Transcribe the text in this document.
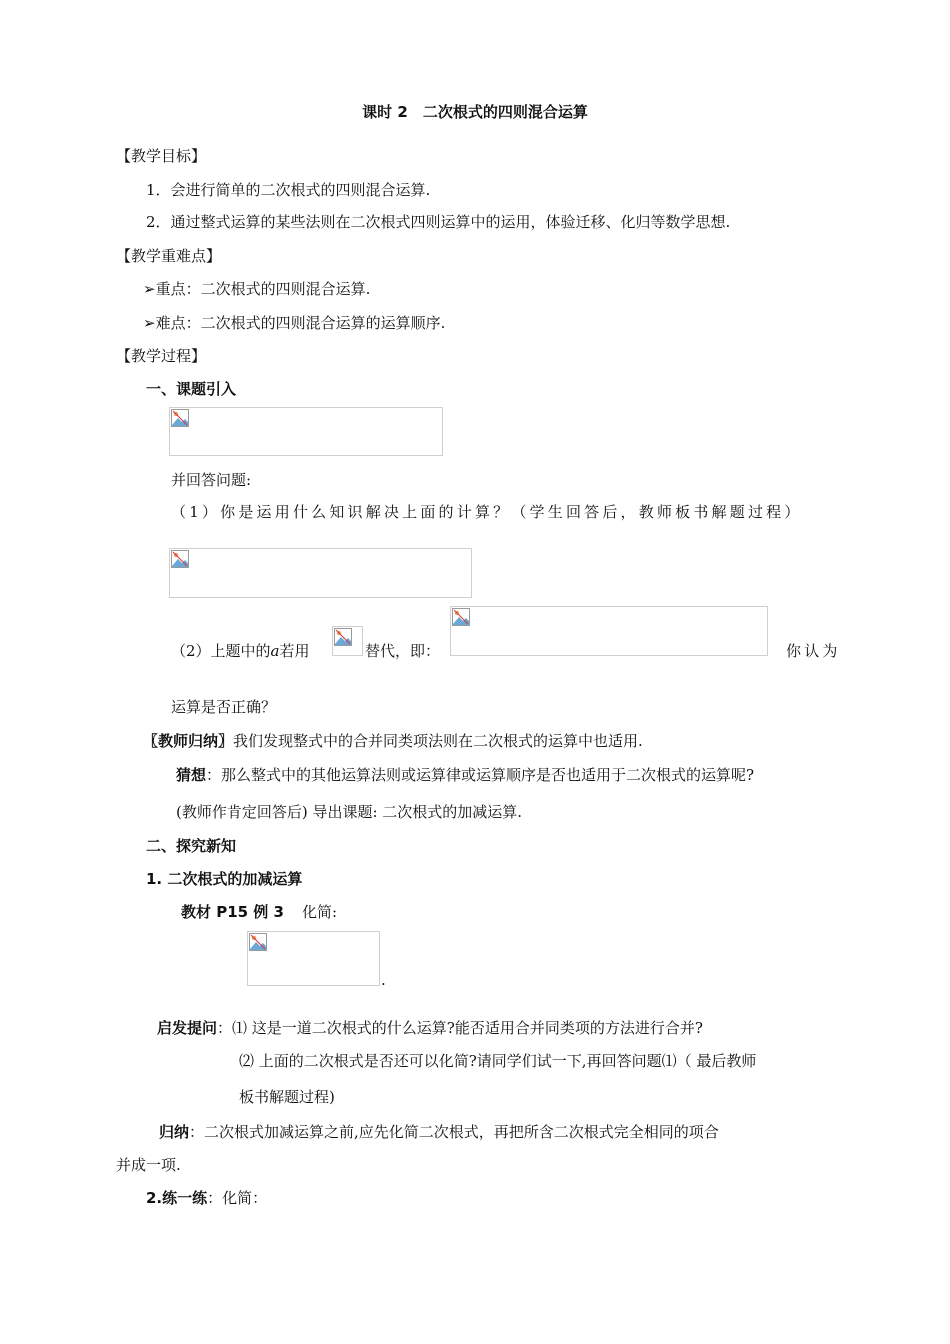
课时 2　二次根式的四则混合运算
【教学目标】
1．会进行简单的二次根式的四则混合运算.
2．通过整式运算的某些法则在二次根式四则运算中的运用，体验迁移、化归等数学思想.
【教学重难点】
➢重点：二次根式的四则混合运算.
➢难点：二次根式的四则混合运算的运算顺序.
【教学过程】
一、课题引入
并回答问题:
（1）你是运用什么知识解决上面的计算？（学生回答后，教师板书解题过程）
（2）上题中的a若用	替代，即：	你认为
运算是否正确？
〖教师归纳〗我们发现整式中的合并同类项法则在二次根式的运算中也适用.
猜想：那么整式中的其他运算法则或运算律或运算顺序是否也适用于二次根式的运算呢?
(教师作肯定回答后) 导出课题: 二次根式的加减运算.
二、探究新知
1. 二次根式的加减运算
教材 P15 例 3 化简:
.
启发提问：⑴ 这是一道二次根式的什么运算?能否适用合并同类项的方法进行合并?
⑵ 上面的二次根式是否还可以化简?请同学们试一下,再回答问题⑴（ 最后教师
板书解题过程)
归纳：二次根式加减运算之前,应先化简二次根式，再把所含二次根式完全相同的项合
并成一项.
2.练一练：化简：
